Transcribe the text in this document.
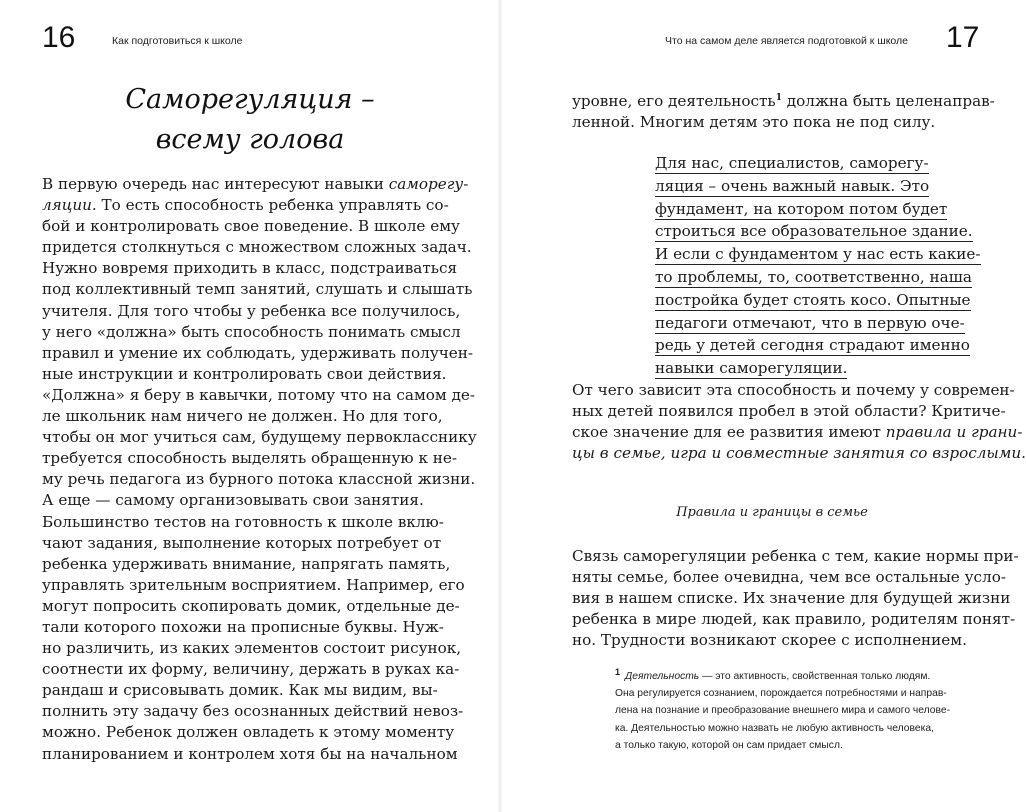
16	Как подготовиться к школе
Саморегуляция –
всему голова
В первую очередь нас интересуют навыки саморегу-
ляции. То есть способность ребенка управлять со-
бой и контролировать свое поведение. В школе ему
придется столкнуться с множеством сложных задач.
Нужно вовремя приходить в класс, подстраиваться
под коллективный темп занятий, слушать и слышать
учителя. Для того чтобы у ребенка все получилось,
у него «должна» быть способность понимать смысл
правил и умение их соблюдать, удерживать получен-
ные инструкции и контролировать свои действия.
«Должна» я беру в кавычки, потому что на самом де-
ле школьник нам ничего не должен. Но для того,
чтобы он мог учиться сам, будущему первокласснику
требуется способность выделять обращенную к не-
му речь педагога из бурного потока классной жизни.
А еще — самому организовывать свои занятия.
Большинство тестов на готовность к школе вклю-
чают задания, выполнение которых потребует от
ребенка удерживать внимание, напрягать память,
управлять зрительным восприятием. Например, его
могут попросить скопировать домик, отдельные де-
тали которого похожи на прописные буквы. Нуж-
но различить, из каких элементов состоит рисунок,
соотнести их форму, величину, держать в руках ка-
рандаш и срисовывать домик. Как мы видим, вы-
полнить эту задачу без осознанных действий невоз-
можно. Ребенок должен овладеть к этому моменту
планированием и контролем хотя бы на начальном
17
Что на самом деле является подготовкой к школе
уровне, его деятельность$^1$ должна быть целенаправ-
ленной. Многим детям это пока не под силу.
Для нас, специалистов, саморегу-
ляция – очень важный навык. Это
фундамент, на котором потом будет
строиться все образовательное здание.
И если с фундаментом у нас есть какие-
то проблемы, то, соответственно, наша
постройка будет стоять косо. Опытные
педагоги отмечают, что в первую оче-
редь у детей сегодня страдают именно
навыки саморегуляции.
От чего зависит эта способность и почему у современ-
ных детей появился пробел в этой области? Критиче-
ское значение для ее развития имеют правила и грани-
цы в семье, игра и совместные занятия со взрослыми.
Правила и границы в семье
Связь саморегуляции ребенка с тем, какие нормы при-
няты семье, более очевидна, чем все остальные усло-
вия в нашем списке. Их значение для будущей жизни
ребенка в мире людей, как правило, родителям понят-
но. Трудности возникают скорее с исполнением.
1 Деятельность — это активность, свойственная только людям.
Она регулируется сознанием, порождается потребностями и направ-
лена на познание и преобразование внешнего мира и самого челове-
ка. Деятельностью можно назвать не любую активность человека,
а только такую, которой он сам придает смысл.
